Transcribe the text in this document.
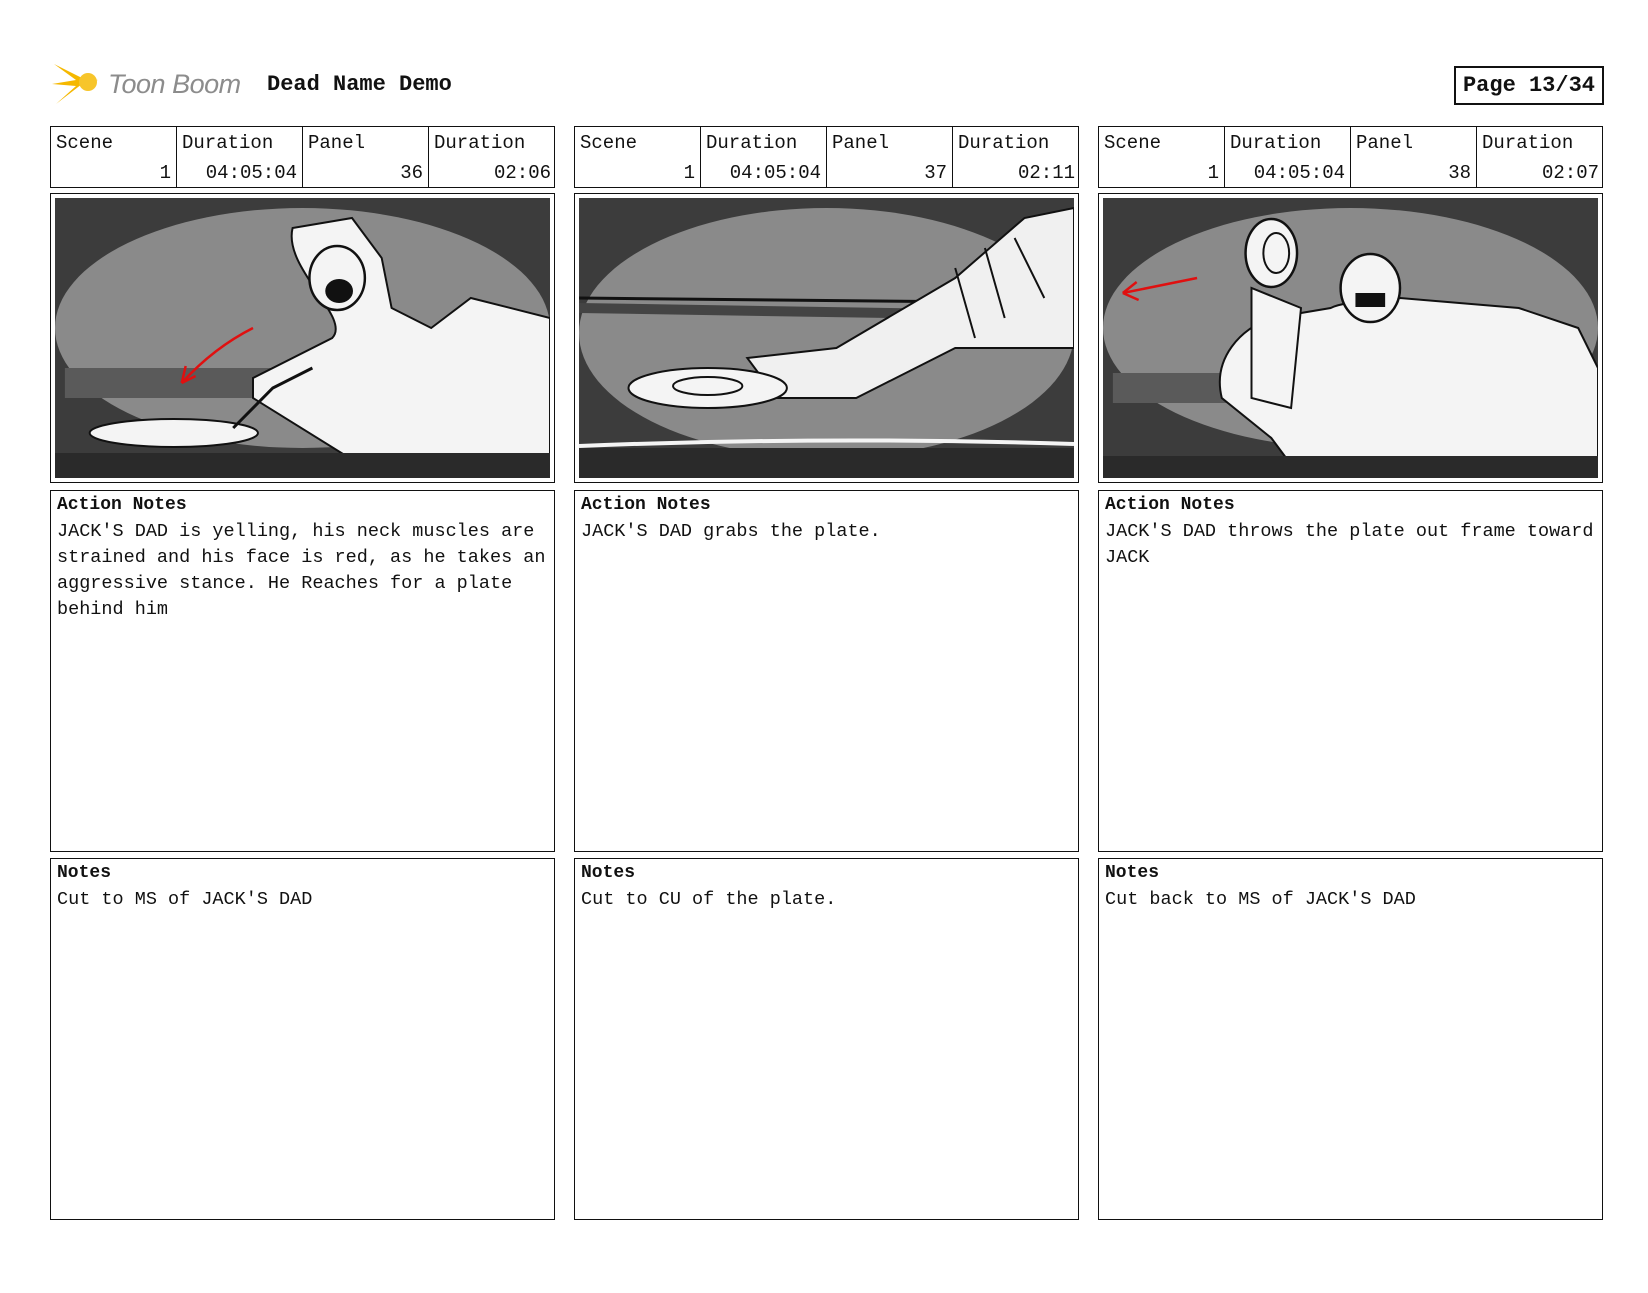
Toon Boom Dead Name Demo	Page 13/34
Scene
1
Duration
04:05:04
Panel
36
Duration
02:06

Action Notes

JACK'S DAD is yelling, his neck muscles are strained and his face is red, as he takes an aggressive stance. He Reaches for a plate behind him

Notes

Cut to MS of JACK'S DAD

Scene
1
Duration
04:05:04
Panel
37
Duration
02:11

Action Notes

JACK'S DAD grabs the plate.

Notes

Cut to CU of the plate.

Scene
1
Duration
04:05:04
Panel
38
Duration
02:07

Action Notes

JACK'S DAD throws the plate out frame toward JACK

Notes

Cut back to MS of JACK'S DAD
